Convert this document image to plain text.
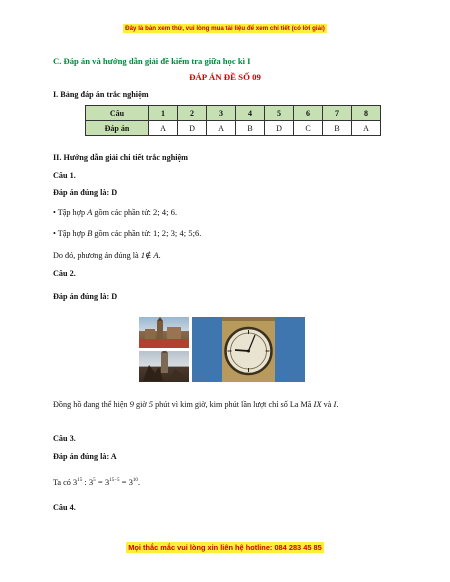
Đây là bản xem thử, vui lòng mua tài liệu để xem chi tiết (có lời giải)
C. Đáp án và hướng dẫn giải đề kiểm tra giữa học kì I
ĐÁP ÁN ĐỀ SỐ 09
I. Bảng đáp án trắc nghiệm
Câu	1	2	3	4	5	6	7	8
Đáp án	A	D	A	B	D	C	B	A
II. Hướng dẫn giải chi tiết trắc nghiệm
Câu 1.
Đáp án đúng là: D
• Tập hợp A gồm các phần tử: 2; 4; 6.
• Tập hợp B gồm các phần tử: 1; 2; 3; 4; 5;6.
Do đó, phương án đúng là 1∉ A.
Câu 2.
Đáp án đúng là: D
Đồng hồ đang thể hiện 9 giờ 5 phút vì kim giờ, kim phút lần lượt chỉ số La Mã IX và I.
Câu 3.
Đáp án đúng là: A
Ta có $3^{15}$ : $3^5 = 3^{15-5} = 3^{10}$.
Câu 4.
Mọi thắc mắc vui lòng xin liên hệ hotline: 084 283 45 85
